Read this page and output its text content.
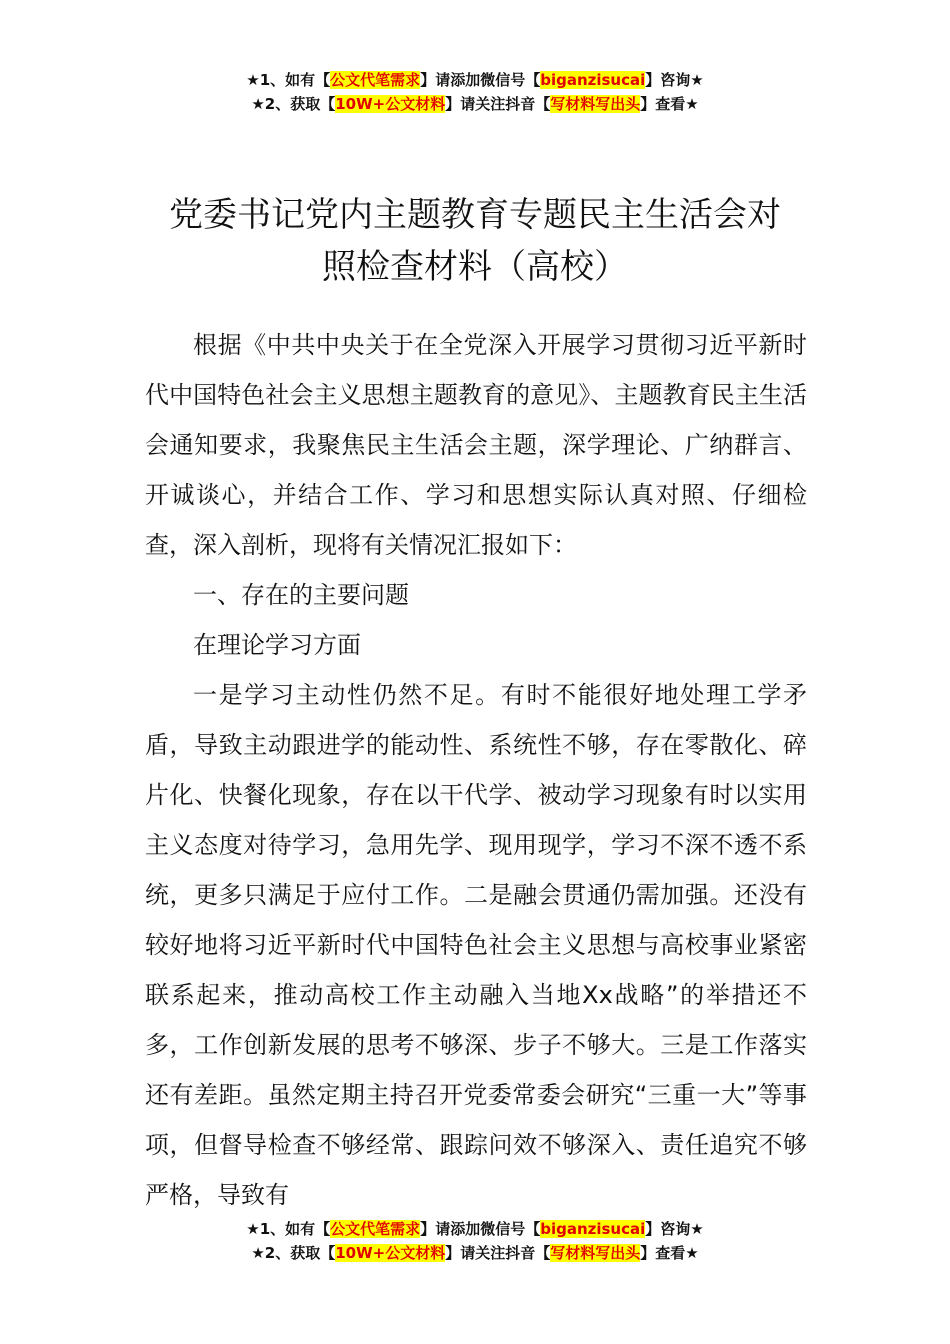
★1、如有【公文代笔需求】请添加微信号【biganzisucai】咨询★
★2、获取【10W+公文材料】请关注抖音【写材料写出头】查看★
党委书记党内主题教育专题民主生活会对
照检查材料（高校）

根据《中共中央关于在全党深入开展学习贯彻习近平新时代中国特色社会主义思想主题教育的意见》、主题教育民主生活会通知要求，我聚焦民主生活会主题，深学理论、广纳群言、开诚谈心，并结合工作、学习和思想实际认真对照、仔细检查，深入剖析，现将有关情况汇报如下：

一、存在的主要问题

在理论学习方面

一是学习主动性仍然不足。有时不能很好地处理工学矛盾，导致主动跟进学的能动性、系统性不够，存在零散化、碎片化、快餐化现象，存在以干代学、被动学习现象有时以实用主义态度对待学习，急用先学、现用现学，学习不深不透不系统，更多只满足于应付工作。二是融会贯通仍需加强。还没有较好地将习近平新时代中国特色社会主义思想与高校事业紧密联系起来，推动高校工作主动融入当地Xx战略”的举措还不多，工作创新发展的思考不够深、步子不够大。三是工作落实还有差距。虽然定期主持召开党委常委会研究“三重一大”等事项，但督导检查不够经常、跟踪问效不够深入、责任追究不够严格，导致有

★1、如有【公文代笔需求】请添加微信号【biganzisucai】咨询★
★2、获取【10W+公文材料】请关注抖音【写材料写出头】查看★
